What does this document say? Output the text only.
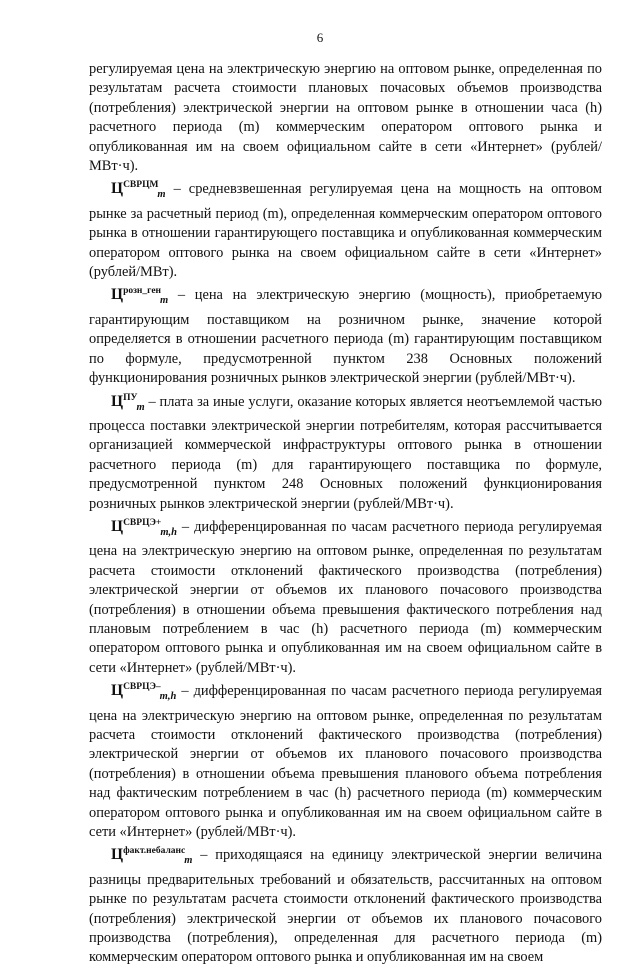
6

регулируемая цена на электрическую энергию на оптовом рынке, определенная по результатам расчета стоимости плановых почасовых объемов производства (потребления) электрической энергии на оптовом рынке в отношении часа (h) расчетного периода (m) коммерческим оператором оптового рынка и опубликованная им на своем официальном сайте в сети «Интернет» (рублей/МВт·ч).

$Ц^{СВРЦМ}_m$ – средневзвешенная регулируемая цена на мощность на оптовом рынке за расчетный период (m), определенная коммерческим оператором оптового рынка в отношении гарантирующего поставщика и опубликованная коммерческим оператором оптового рынка на своем официальном сайте в сети «Интернет» (рублей/МВт).

$Ц^{розн\_ген}_m$ – цена на электрическую энергию (мощность), приобретаемую гарантирующим поставщиком на розничном рынке, значение которой определяется в отношении расчетного периода (m) гарантирующим поставщиком по формуле, предусмотренной пунктом 238 Основных положений функционирования розничных рынков электрической энергии (рублей/МВт·ч).

$Ц^{ПУ}_m$ – плата за иные услуги, оказание которых является неотъемлемой частью процесса поставки электрической энергии потребителям, которая рассчитывается организацией коммерческой инфраструктуры оптового рынка в отношении расчетного периода (m) для гарантирующего поставщика по формуле, предусмотренной пунктом 248 Основных положений функционирования розничных рынков электрической энергии (рублей/МВт·ч).

$Ц^{СВРЦЭ+}_{m,h}$ – дифференцированная по часам расчетного периода регулируемая цена на электрическую энергию на оптовом рынке, определенная по результатам расчета стоимости отклонений фактического производства (потребления) электрической энергии от объемов их планового почасового производства (потребления) в отношении объема превышения фактического потребления над плановым потреблением в час (h) расчетного периода (m) коммерческим оператором оптового рынка и опубликованная им на своем официальном сайте в сети «Интернет» (рублей/МВт·ч).

$Ц^{СВРЦЭ-}_{m,h}$ – дифференцированная по часам расчетного периода регулируемая цена на электрическую энергию на оптовом рынке, определенная по результатам расчета стоимости отклонений фактического производства (потребления) электрической энергии от объемов их планового почасового производства (потребления) в отношении объема превышения планового объема потребления над фактическим потреблением в час (h) расчетного периода (m) коммерческим оператором оптового рынка и опубликованная им на своем официальном сайте в сети «Интернет» (рублей/МВт·ч).

$Ц^{факт.небаланс}_m$ – приходящаяся на единицу электрической энергии величина разницы предварительных требований и обязательств, рассчитанных на оптовом рынке по результатам расчета стоимости отклонений фактического производства (потребления) электрической энергии от объемов их планового почасового производства (потребления), определенная для расчетного периода (m) коммерческим оператором оптового рынка и опубликованная им на своем
